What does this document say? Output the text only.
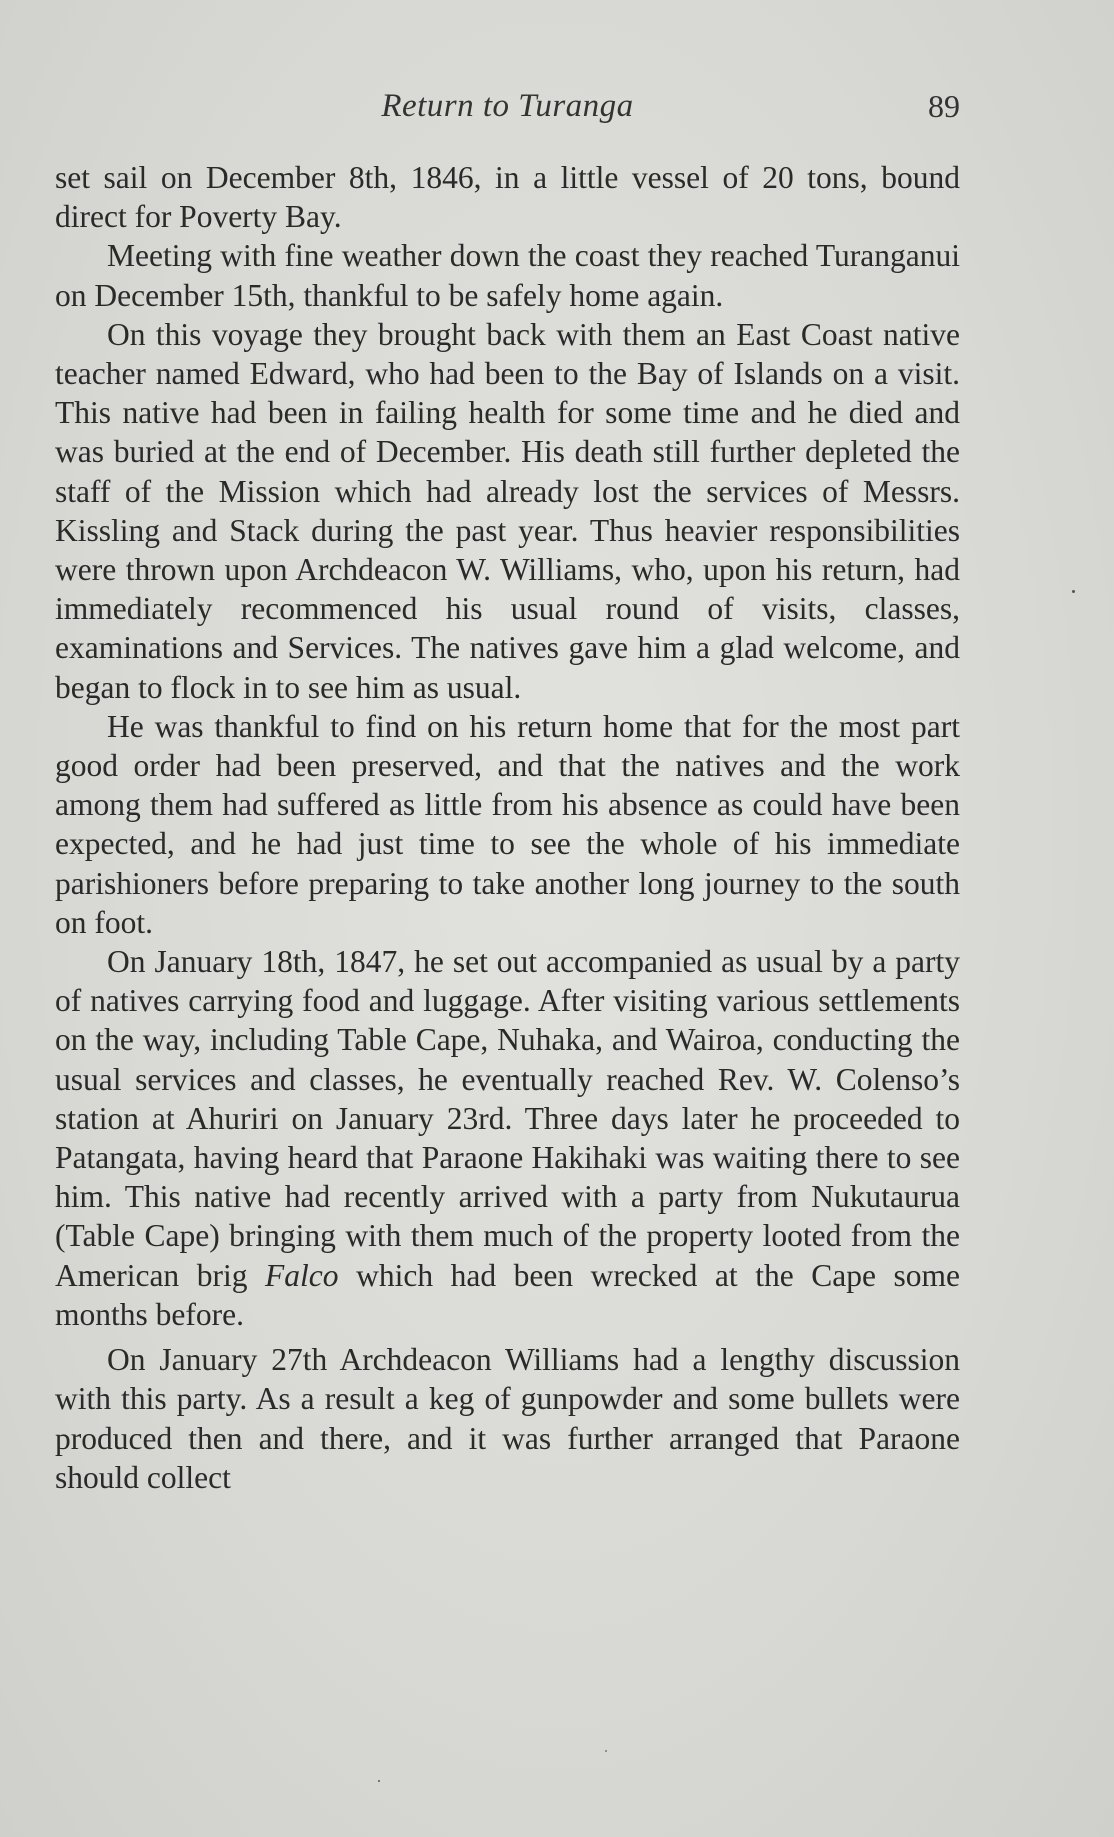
Return to Turanga	89

set sail on December 8th, 1846, in a little vessel of 20 tons, bound direct for Poverty Bay.

Meeting with fine weather down the coast they reached Turanganui on December 15th, thankful to be safely home again.

On this voyage they brought back with them an East Coast native teacher named Edward, who had been to the Bay of Islands on a visit. This native had been in failing health for some time and he died and was buried at the end of December. His death still further depleted the staff of the Mission which had already lost the services of Messrs. Kissling and Stack during the past year. Thus heavier responsibilities were thrown upon Archdeacon W. Williams, who, upon his return, had immediately recommenced his usual round of visits, classes, examinations and Services. The natives gave him a glad welcome, and began to flock in to see him as usual.

He was thankful to find on his return home that for the most part good order had been preserved, and that the natives and the work among them had suffered as little from his absence as could have been expected, and he had just time to see the whole of his immediate parishioners before preparing to take another long journey to the south on foot.

On January 18th, 1847, he set out accompanied as usual by a party of natives carrying food and luggage. After visiting various settlements on the way, including Table Cape, Nuhaka, and Wairoa, conducting the usual services and classes, he eventually reached Rev. W. Colenso’s station at Ahuriri on January 23rd. Three days later he proceeded to Patangata, having heard that Paraone Hakihaki was waiting there to see him. This native had recently arrived with a party from Nukutaurua (Table Cape) bringing with them much of the property looted from the American brig Falco which had been wrecked at the Cape some months before.

On January 27th Archdeacon Williams had a lengthy discussion with this party. As a result a keg of gunpowder and some bullets were produced then and there, and it was further arranged that Paraone should collect
